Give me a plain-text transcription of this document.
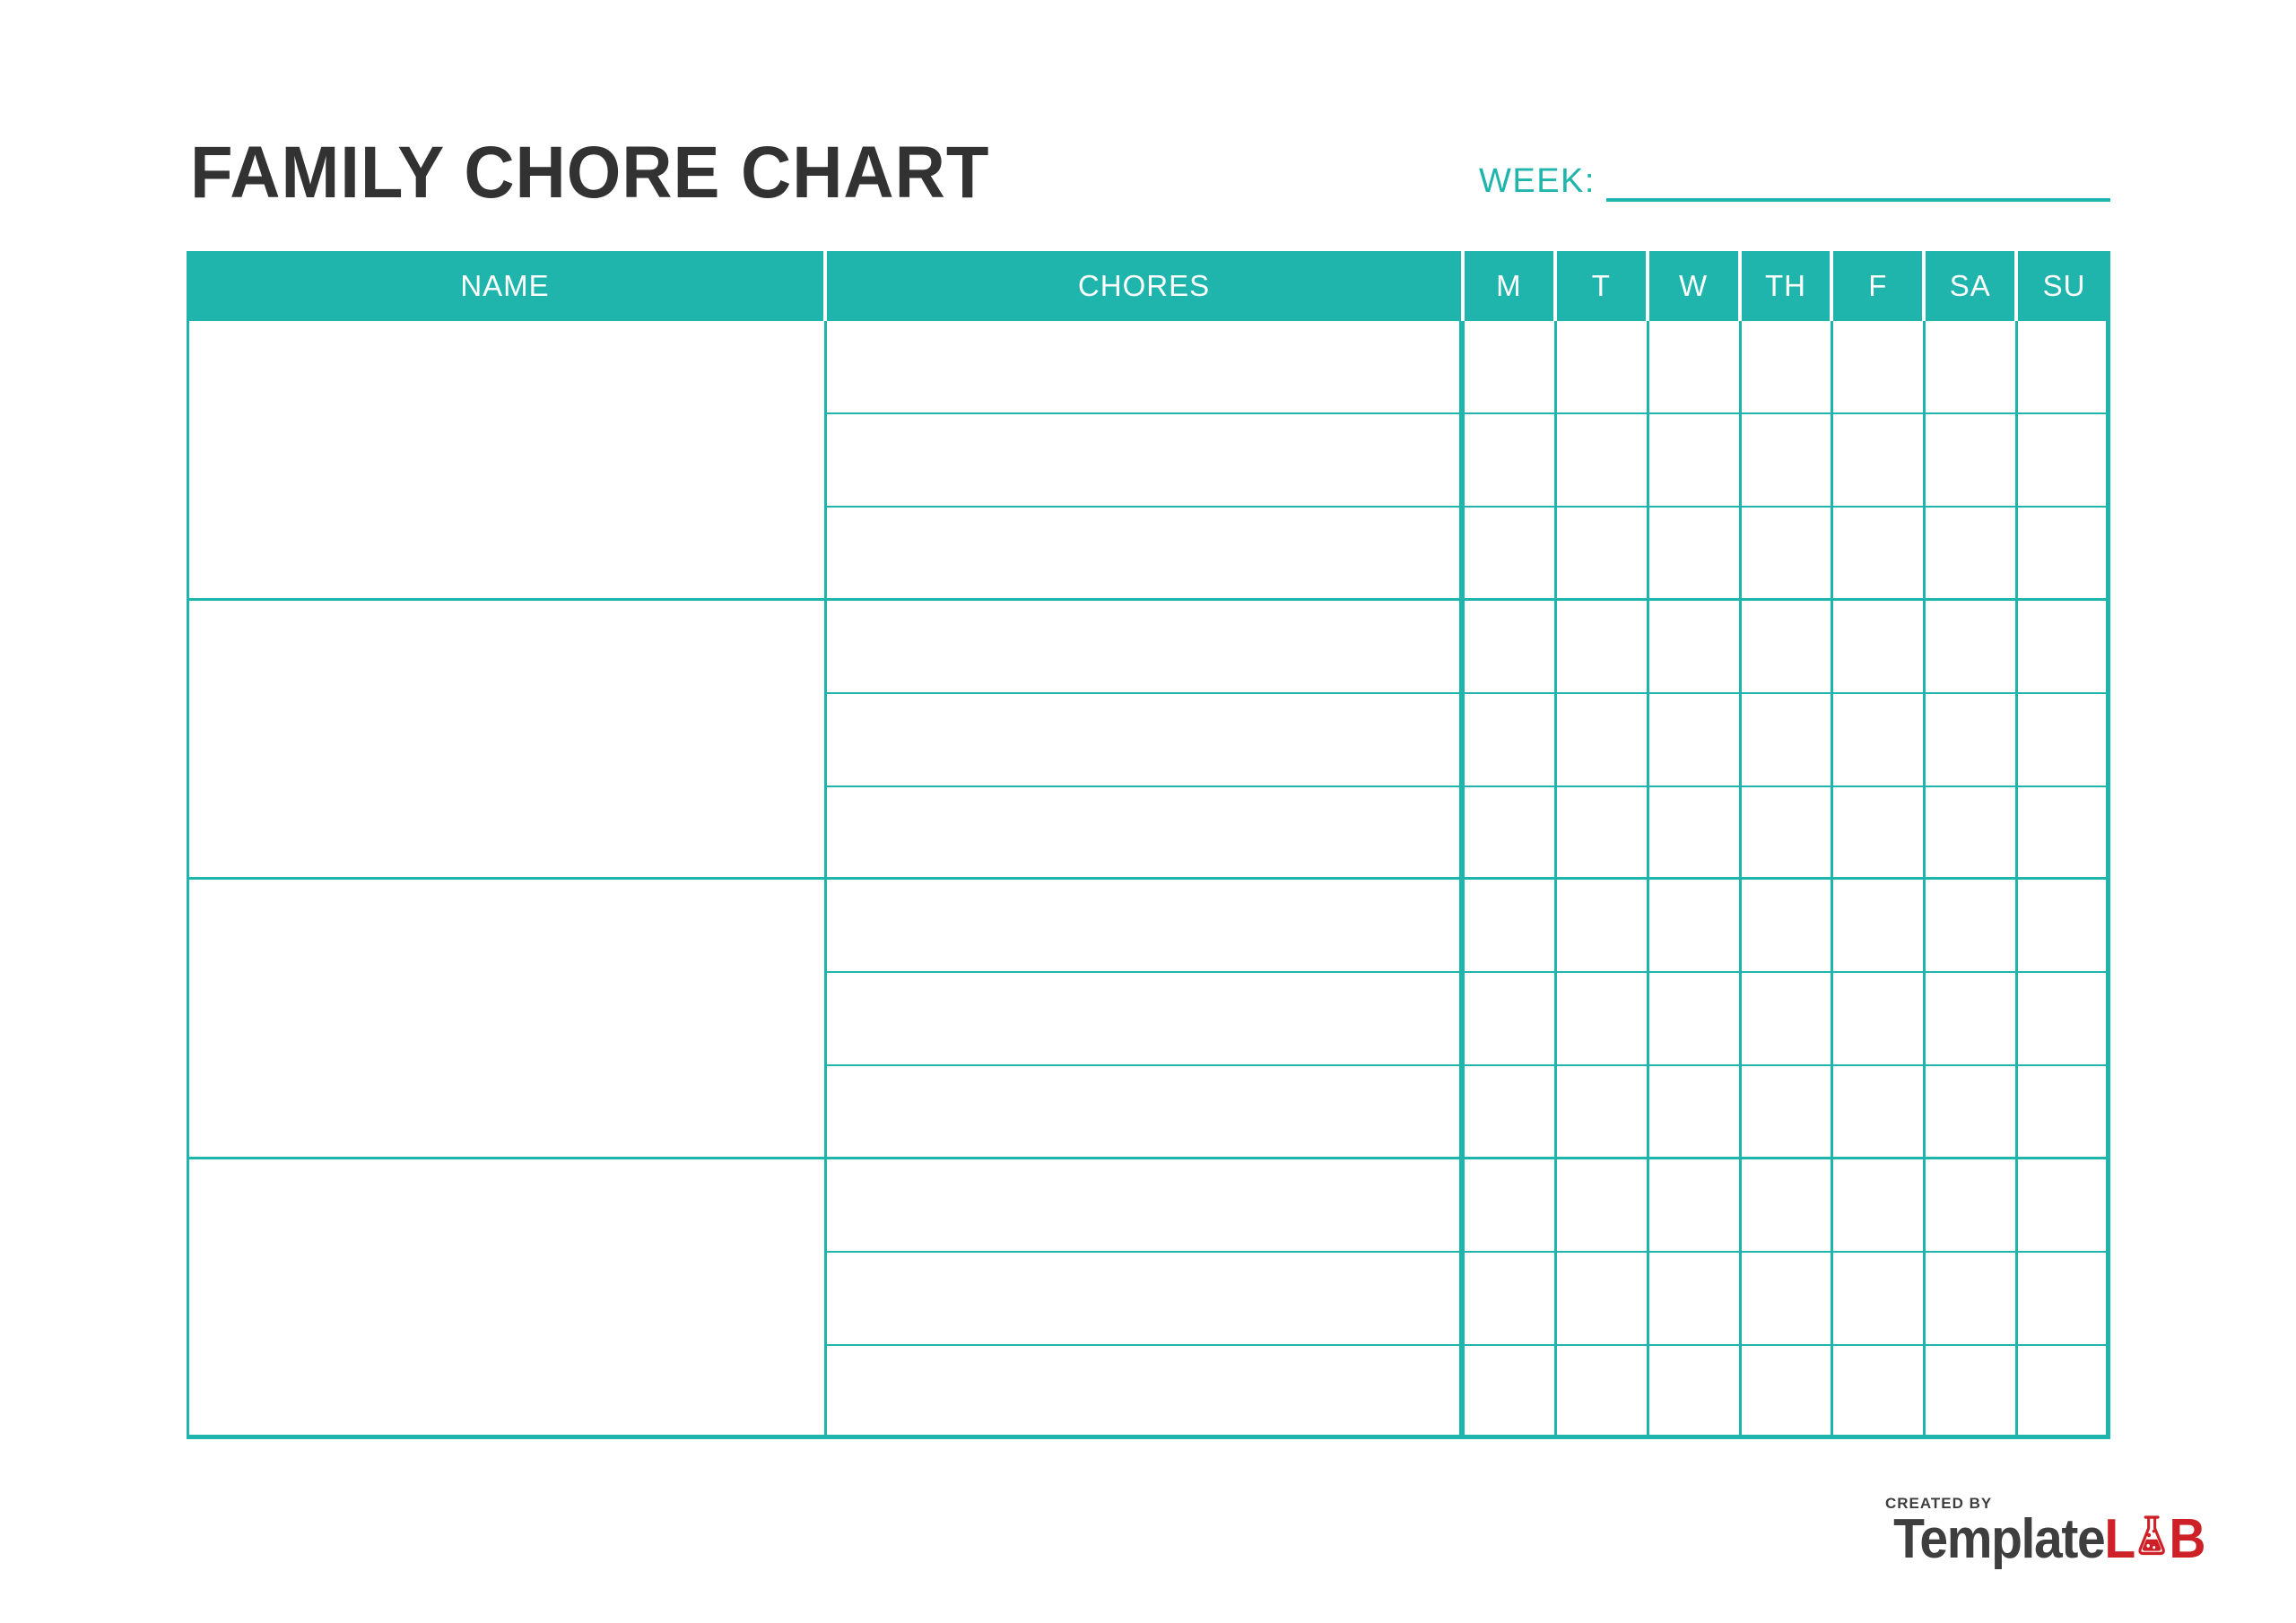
FAMILY CHORE CHART	WEEK:
NAME	CHORES	M	T	W	TH	F	SA	SU
CREATED BY
Template L B
